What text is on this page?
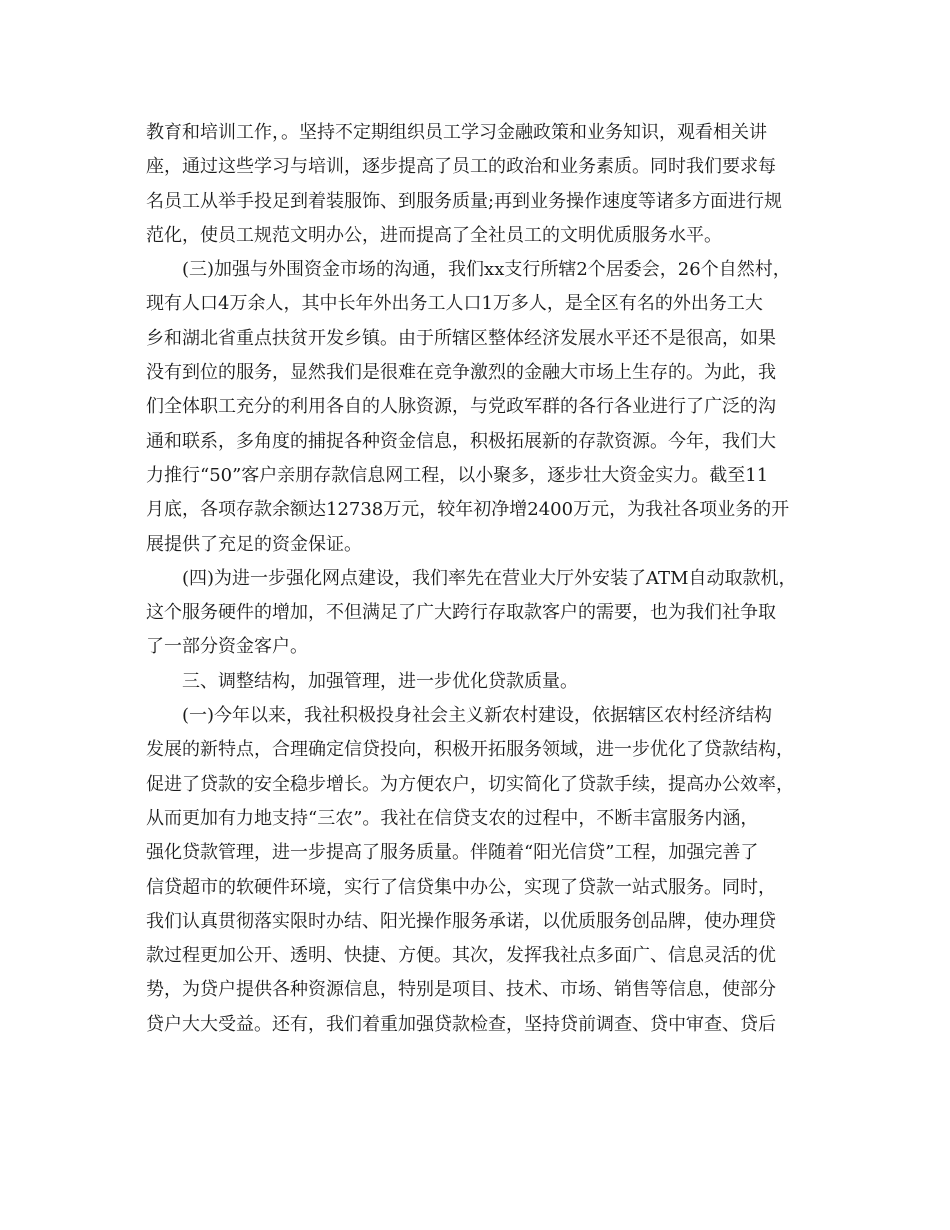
教育和培训工作，。坚持不定期组织员工学习金融政策和业务知识，观看相关讲
座，通过这些学习与培训，逐步提高了员工的政治和业务素质。同时我们要求每
名员工从举手投足到着装服饰、到服务质量;再到业务操作速度等诸多方面进行规
范化，使员工规范文明办公，进而提高了全社员工的文明优质服务水平。
(三)加强与外围资金市场的沟通，我们xx支行所辖2个居委会，26个自然村，
现有人口4万余人，其中长年外出务工人口1万多人，是全区有名的外出务工大
乡和湖北省重点扶贫开发乡镇。由于所辖区整体经济发展水平还不是很高，如果
没有到位的服务，显然我们是很难在竞争激烈的金融大市场上生存的。为此，我
们全体职工充分的利用各自的人脉资源，与党政军群的各行各业进行了广泛的沟
通和联系，多角度的捕捉各种资金信息，积极拓展新的存款资源。今年，我们大
力推行“50”客户亲朋存款信息网工程，以小聚多，逐步壮大资金实力。截至11
月底，各项存款余额达12738万元，较年初净增2400万元，为我社各项业务的开
展提供了充足的资金保证。
(四)为进一步强化网点建设，我们率先在营业大厅外安装了ATM自动取款机，
这个服务硬件的增加，不但满足了广大跨行存取款客户的需要，也为我们社争取
了一部分资金客户。
三、调整结构，加强管理，进一步优化贷款质量。
(一)今年以来，我社积极投身社会主义新农村建设，依据辖区农村经济结构
发展的新特点，合理确定信贷投向，积极开拓服务领域，进一步优化了贷款结构，
促进了贷款的安全稳步增长。为方便农户，切实简化了贷款手续，提高办公效率，
从而更加有力地支持“三农”。我社在信贷支农的过程中，不断丰富服务内涵，
强化贷款管理，进一步提高了服务质量。伴随着“阳光信贷”工程，加强完善了
信贷超市的软硬件环境，实行了信贷集中办公，实现了贷款一站式服务。同时，
我们认真贯彻落实限时办结、阳光操作服务承诺，以优质服务创品牌，使办理贷
款过程更加公开、透明、快捷、方便。其次，发挥我社点多面广、信息灵活的优
势，为贷户提供各种资源信息，特别是项目、技术、市场、销售等信息，使部分
贷户大大受益。还有，我们着重加强贷款检查，坚持贷前调查、贷中审查、贷后
